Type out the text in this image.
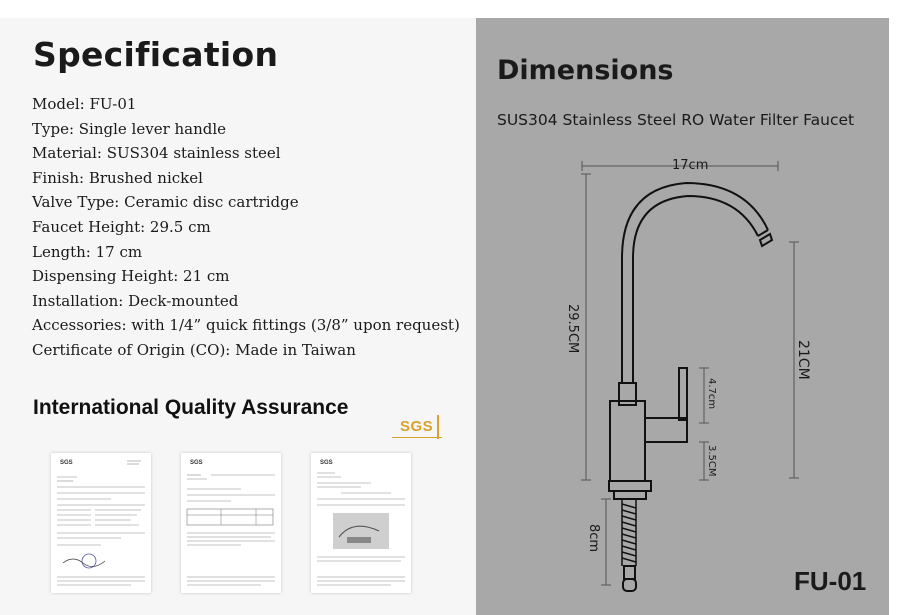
Specification
Model: FU-01
Type: Single lever handle
Material: SUS304 stainless steel
Finish: Brushed nickel
Valve Type: Ceramic disc cartridge
Faucet Height: 29.5 cm
Length: 17 cm
Dispensing Height: 21 cm
Installation: Deck-mounted
Accessories: with 1/4” quick fittings (3/8” upon request)
Certificate of Origin (CO): Made in Taiwan
International Quality Assurance
SGS
SGS	SGS	SGS
Dimensions

SUS304 Stainless Steel RO Water Filter Faucet

17cm
29.5CM
21CM
4.7cm
3.5CM
8cm

FU-01
